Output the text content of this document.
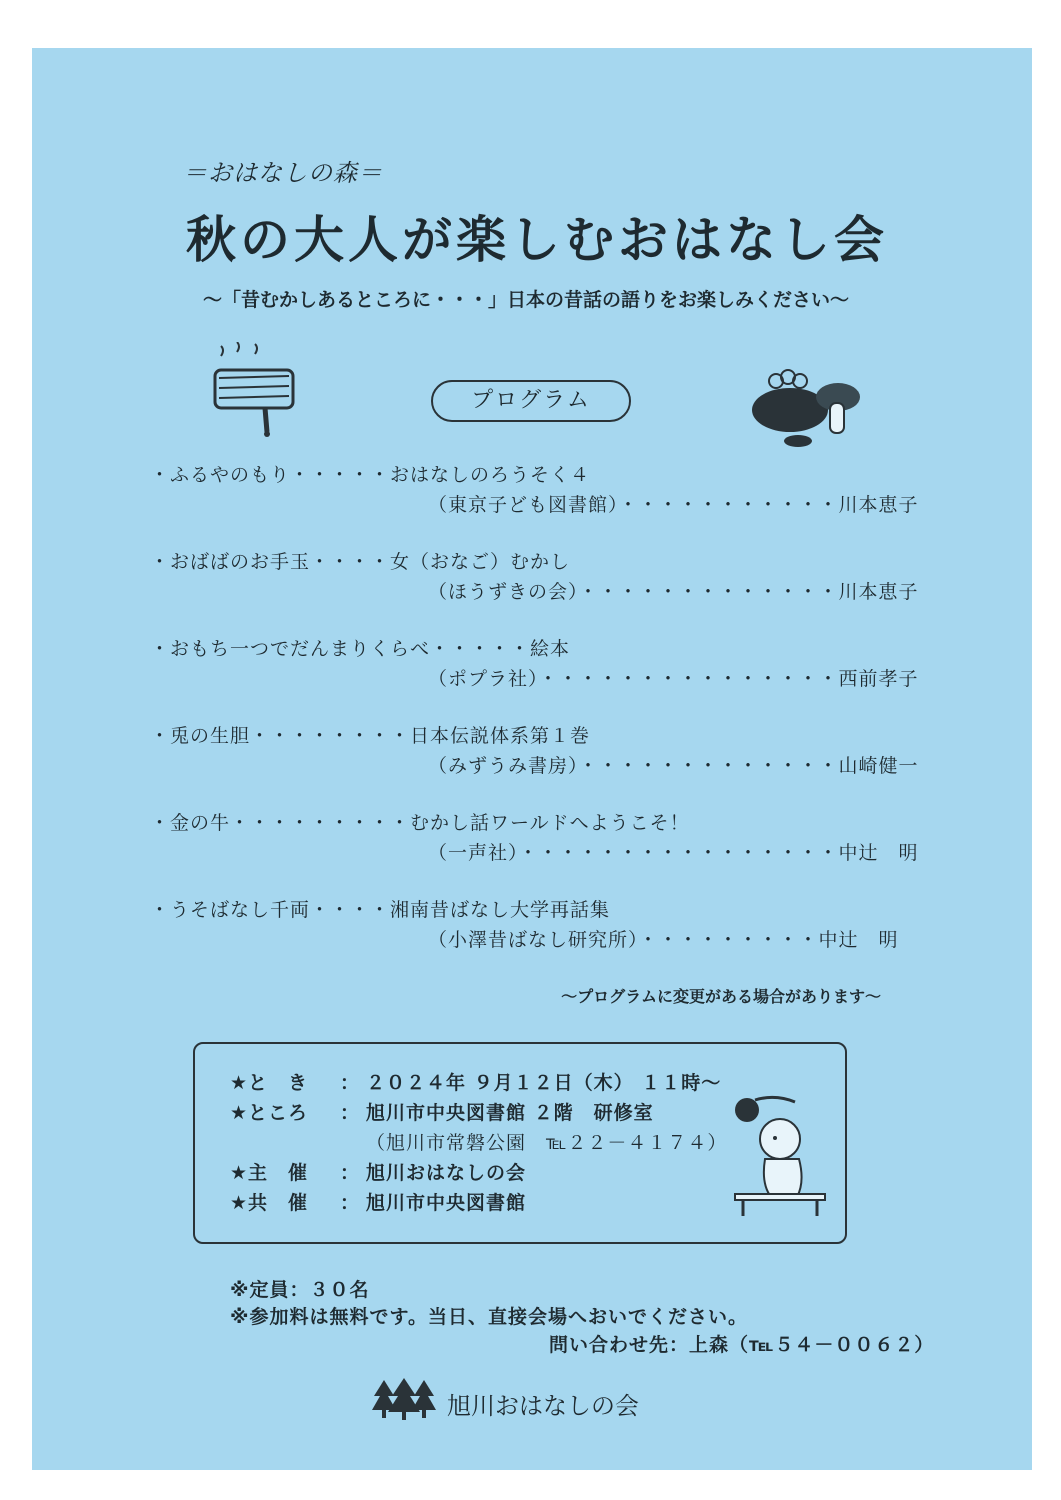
＝おはなしの森＝
秋の大人が楽しむおはなし会
～「昔むかしあるところに・・・」日本の昔話の語りをお楽しみください～
プログラム
・ふるやのもり・・・・・おはなしのろうそく４
（東京子ども図書館）・・・・・・・・・・・川本恵子
・おばばのお手玉・・・・女（おなご）むかし
（ほうずきの会）・・・・・・・・・・・・・川本恵子
・おもち一つでだんまりくらべ・・・・・絵本
（ポプラ社）・・・・・・・・・・・・・・・西前孝子
・兎の生胆・・・・・・・・日本伝説体系第１巻
（みずうみ書房）・・・・・・・・・・・・・山崎健一
・金の牛・・・・・・・・・むかし話ワールドへようこそ！
（一声社）・・・・・・・・・・・・・・・・中辻　明
・うそばなし千両・・・・湘南昔ばなし大学再話集
（小澤昔ばなし研究所）・・・・・・・・・中辻　明
～プログラムに変更がある場合があります～
★と　き ： ２０２４年 ９月１２日（木） １１時～
★ところ ： 旭川市中央図書館 ２階　研修室
（旭川市常磐公園　℡２２－４１７４）
★主　催 ： 旭川おはなしの会
★共　催 ： 旭川市中央図書館
※定員：３０名
※参加料は無料です。当日、直接会場へおいでください。
問い合わせ先：上森（℡５４－００６２）
旭川おはなしの会
